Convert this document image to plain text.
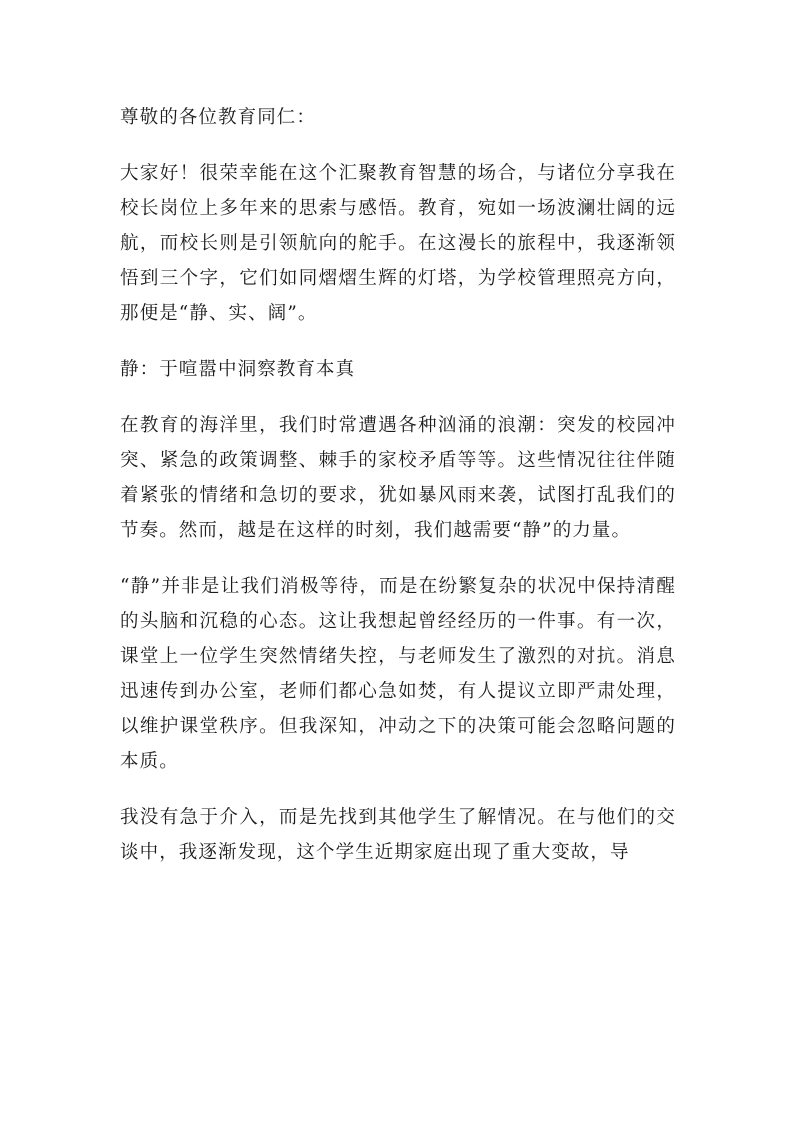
尊敬的各位教育同仁：

大家好！很荣幸能在这个汇聚教育智慧的场合，与诸位分享我在校长岗位上多年来的思索与感悟。教育，宛如一场波澜壮阔的远航，而校长则是引领航向的舵手。在这漫长的旅程中，我逐渐领悟到三个字，它们如同熠熠生辉的灯塔，为学校管理照亮方向，那便是“静、实、阔”。

静：于喧嚣中洞察教育本真

在教育的海洋里，我们时常遭遇各种汹涌的浪潮：突发的校园冲突、紧急的政策调整、棘手的家校矛盾等等。这些情况往往伴随着紧张的情绪和急切的要求，犹如暴风雨来袭，试图打乱我们的节奏。然而，越是在这样的时刻，我们越需要“静”的力量。

“静”并非是让我们消极等待，而是在纷繁复杂的状况中保持清醒的头脑和沉稳的心态。这让我想起曾经经历的一件事。有一次，课堂上一位学生突然情绪失控，与老师发生了激烈的对抗。消息迅速传到办公室，老师们都心急如焚，有人提议立即严肃处理，以维护课堂秩序。但我深知，冲动之下的决策可能会忽略问题的本质。

我没有急于介入，而是先找到其他学生了解情况。在与他们的交谈中，我逐渐发现，这个学生近期家庭出现了重大变故，导
